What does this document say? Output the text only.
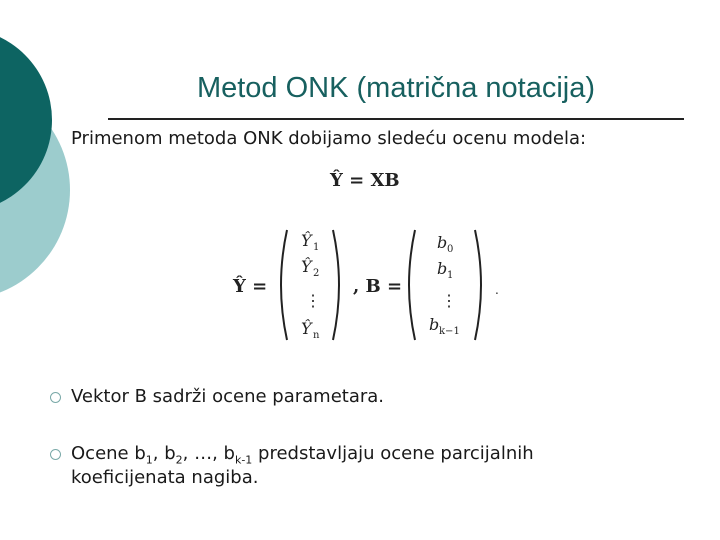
Metod ONK (matrična notacija)
Primenom metoda ONK dobijamo sledeću ocenu modela:
Ŷ = XB
Ŷ =
Ŷ 1
Ŷ 2
⋮
Ŷ n
, B =
b 0
b 1
⋮
b k−1
.
Vektor B sadrži ocene parametara.
Ocene $b_1$, $b_2$, …, $b_{k-1}$ predstavljaju ocene parcijalnih
koeficijenata nagiba.
